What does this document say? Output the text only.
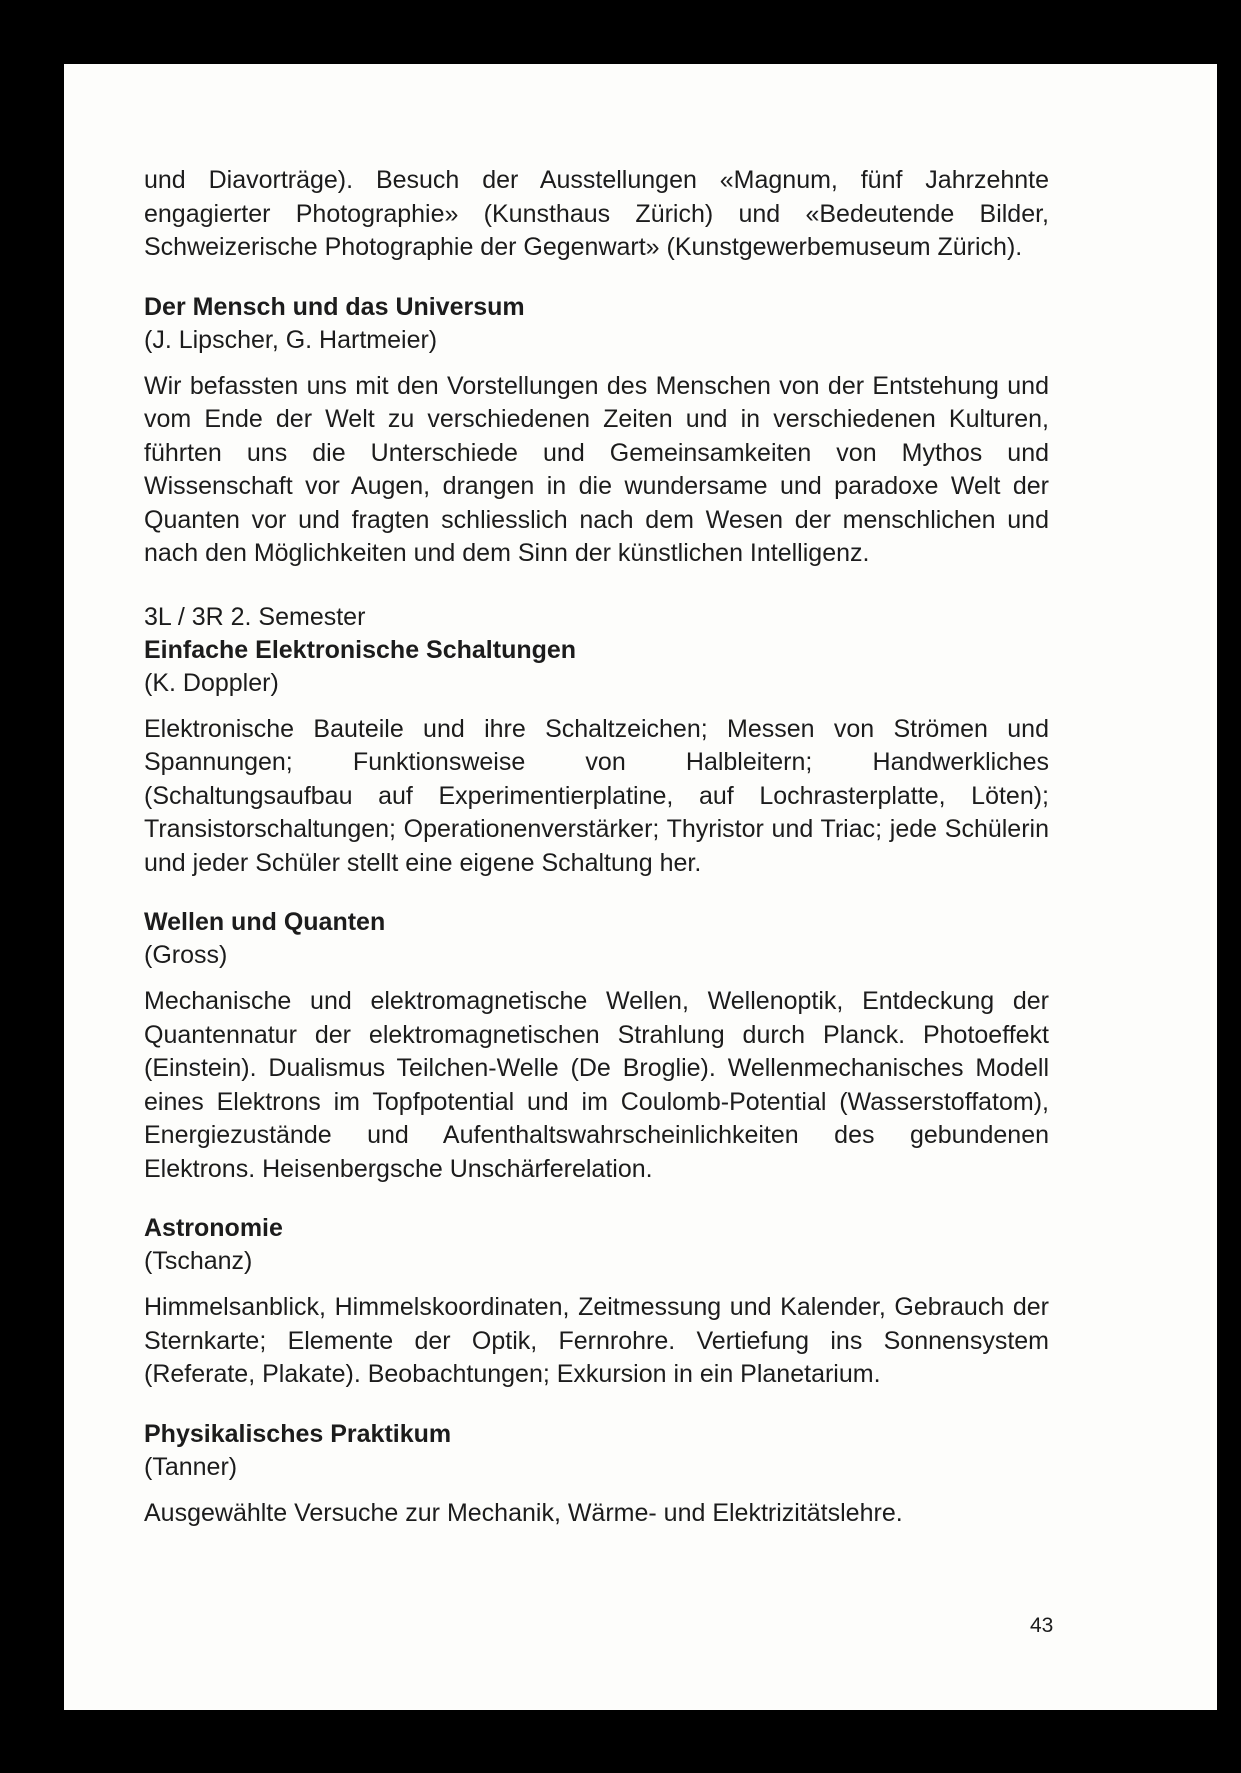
und Diavorträge). Besuch der Ausstellungen «Magnum, fünf Jahrzehnte engagierter Photographie» (Kunsthaus Zürich) und «Bedeutende Bilder, Schweizerische Photographie der Gegenwart» (Kunstgewerbemuseum Zürich).

Der Mensch und das Universum

(J. Lipscher, G. Hartmeier)

Wir befassten uns mit den Vorstellungen des Menschen von der Entstehung und vom Ende der Welt zu verschiedenen Zeiten und in verschiedenen Kulturen, führten uns die Unterschiede und Gemeinsamkeiten von Mythos und Wissenschaft vor Augen, drangen in die wundersame und paradoxe Welt der Quanten vor und fragten schliesslich nach dem Wesen der menschlichen und nach den Möglichkeiten und dem Sinn der künstlichen Intelligenz.

3L / 3R 2. Semester

Einfache Elektronische Schaltungen

(K. Doppler)

Elektronische Bauteile und ihre Schaltzeichen; Messen von Strömen und Spannungen; Funktionsweise von Halbleitern; Handwerkliches (Schaltungsaufbau auf Experimentierplatine, auf Lochrasterplatte, Löten); Transistorschaltungen; Operationenverstärker; Thyristor und Triac; jede Schülerin und jeder Schüler stellt eine eigene Schaltung her.

Wellen und Quanten

(Gross)

Mechanische und elektromagnetische Wellen, Wellenoptik, Entdeckung der Quantennatur der elektromagnetischen Strahlung durch Planck. Photoeffekt (Einstein). Dualismus Teilchen-Welle (De Broglie). Wellenmechanisches Modell eines Elektrons im Topfpotential und im Coulomb-Potential (Wasserstoffatom), Energiezustände und Aufenthaltswahrscheinlichkeiten des gebundenen Elektrons. Heisenbergsche Unschärferelation.

Astronomie

(Tschanz)

Himmelsanblick, Himmelskoordinaten, Zeitmessung und Kalender, Gebrauch der Sternkarte; Elemente der Optik, Fernrohre. Vertiefung ins Sonnensystem (Referate, Plakate). Beobachtungen; Exkursion in ein Planetarium.

Physikalisches Praktikum

(Tanner)

Ausgewählte Versuche zur Mechanik, Wärme- und Elektrizitätslehre.

43
